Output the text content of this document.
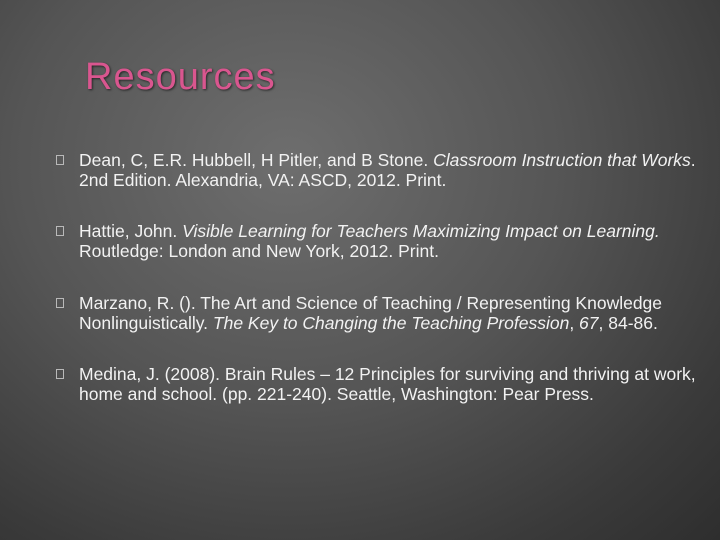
Resources
Dean, C, E.R. Hubbell, H Pitler, and B Stone. Classroom Instruction that Works. 2nd Edition. Alexandria, VA: ASCD, 2012. Print.
Hattie, John. Visible Learning for Teachers Maximizing Impact on Learning. Routledge: London and New York, 2012. Print.
Marzano, R. (). The Art and Science of Teaching / Representing Knowledge Nonlinguistically. The Key to Changing the Teaching Profession, 67, 84-86.
Medina, J. (2008). Brain Rules – 12 Principles for surviving and thriving at work, home and school. (pp. 221-240). Seattle, Washington: Pear Press.
